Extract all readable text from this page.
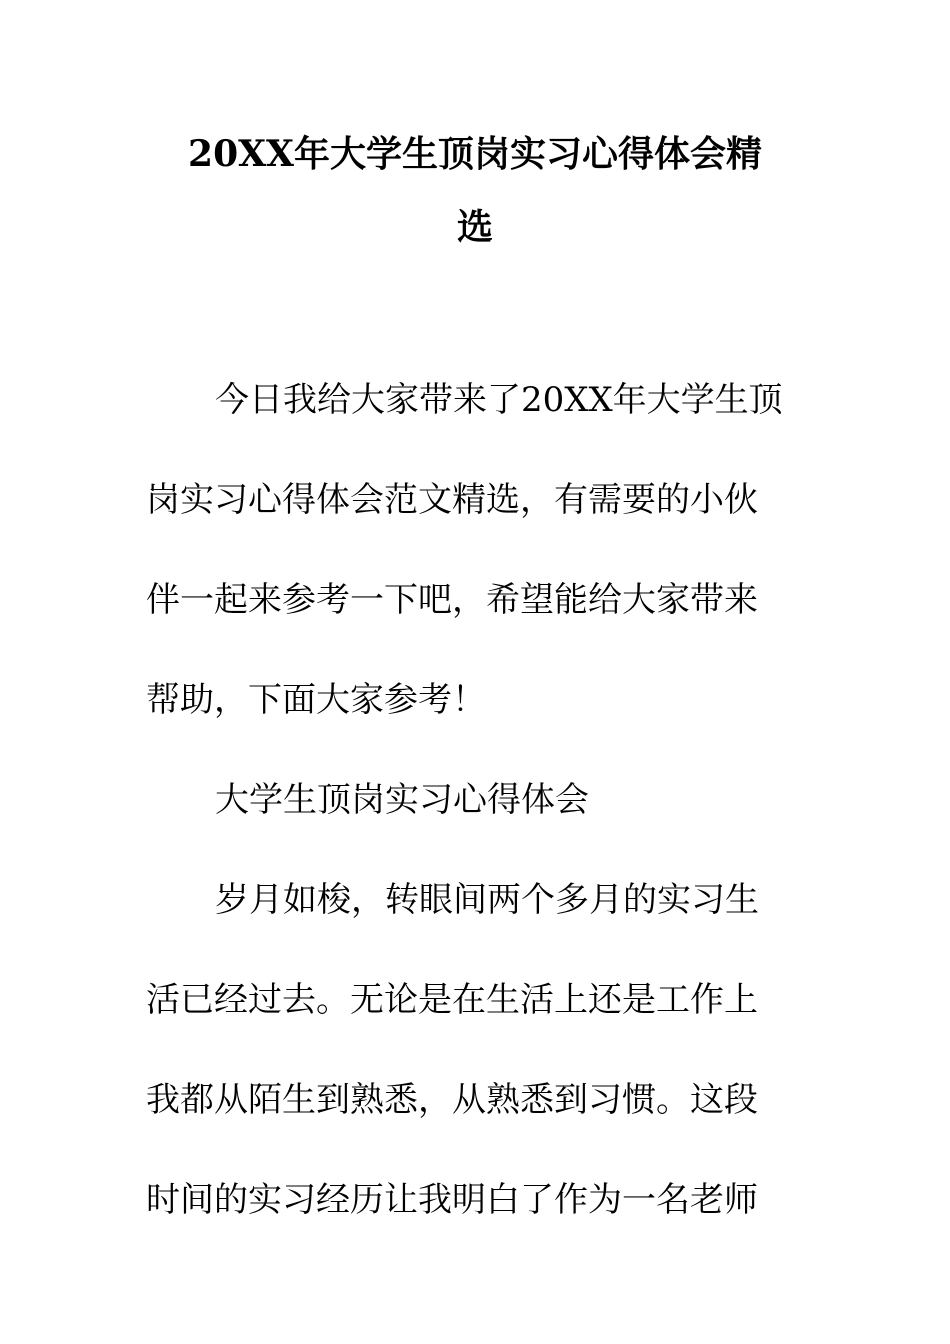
20XX年大学生顶岗实习心得体会精
选
今日我给大家带来了20XX年大学生顶
岗实习心得体会范文精选，有需要的小伙
伴一起来参考一下吧，希望能给大家带来
帮助，下面大家参考！
大学生顶岗实习心得体会
岁月如梭，转眼间两个多月的实习生
活已经过去。无论是在生活上还是工作上
我都从陌生到熟悉，从熟悉到习惯。这段
时间的实习经历让我明白了作为一名老师
